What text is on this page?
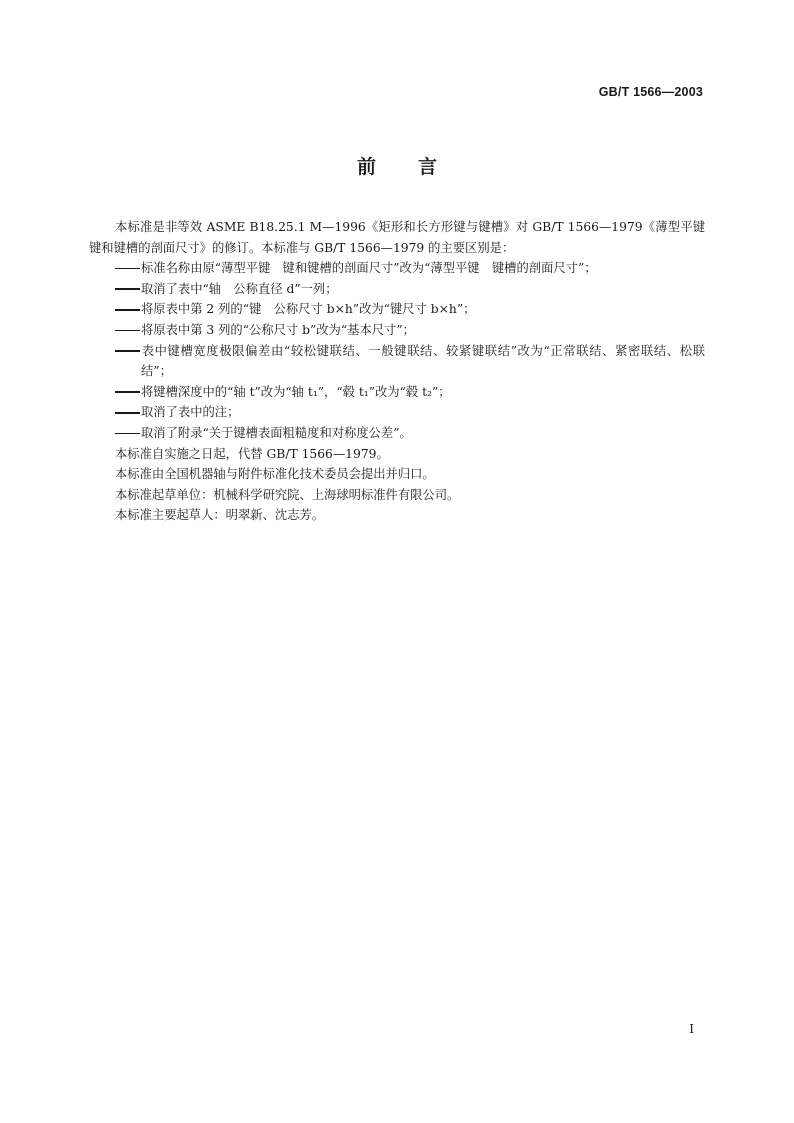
GB/T 1566—2003
前言

本标准是非等效 ASME B18.25.1 M—1996《矩形和长方形键与键槽》对 GB/T 1566—1979《薄型平键　键和键槽的剖面尺寸》的修订。本标准与 GB/T 1566—1979 的主要区别是：

标准名称由原“薄型平键　键和键槽的剖面尺寸”改为“薄型平键　键槽的剖面尺寸”；

取消了表中“轴　公称直径 d”一列；

将原表中第 2 列的“键　公称尺寸 b×h”改为“键尺寸 b×h”；

将原表中第 3 列的“公称尺寸 b”改为“基本尺寸”；

表中键槽宽度极限偏差由“较松键联结、一般键联结、较紧键联结”改为“正常联结、紧密联结、松联结”；

将键槽深度中的“轴 t”改为“轴 t₁”，“毂 t₁”改为“毂 t₂”；

取消了表中的注；

取消了附录“关于键槽表面粗糙度和对称度公差”。

本标准自实施之日起，代替 GB/T 1566—1979。

本标准由全国机器轴与附件标准化技术委员会提出并归口。

本标准起草单位：机械科学研究院、上海球明标准件有限公司。

本标准主要起草人：明翠新、沈志芳。

I
